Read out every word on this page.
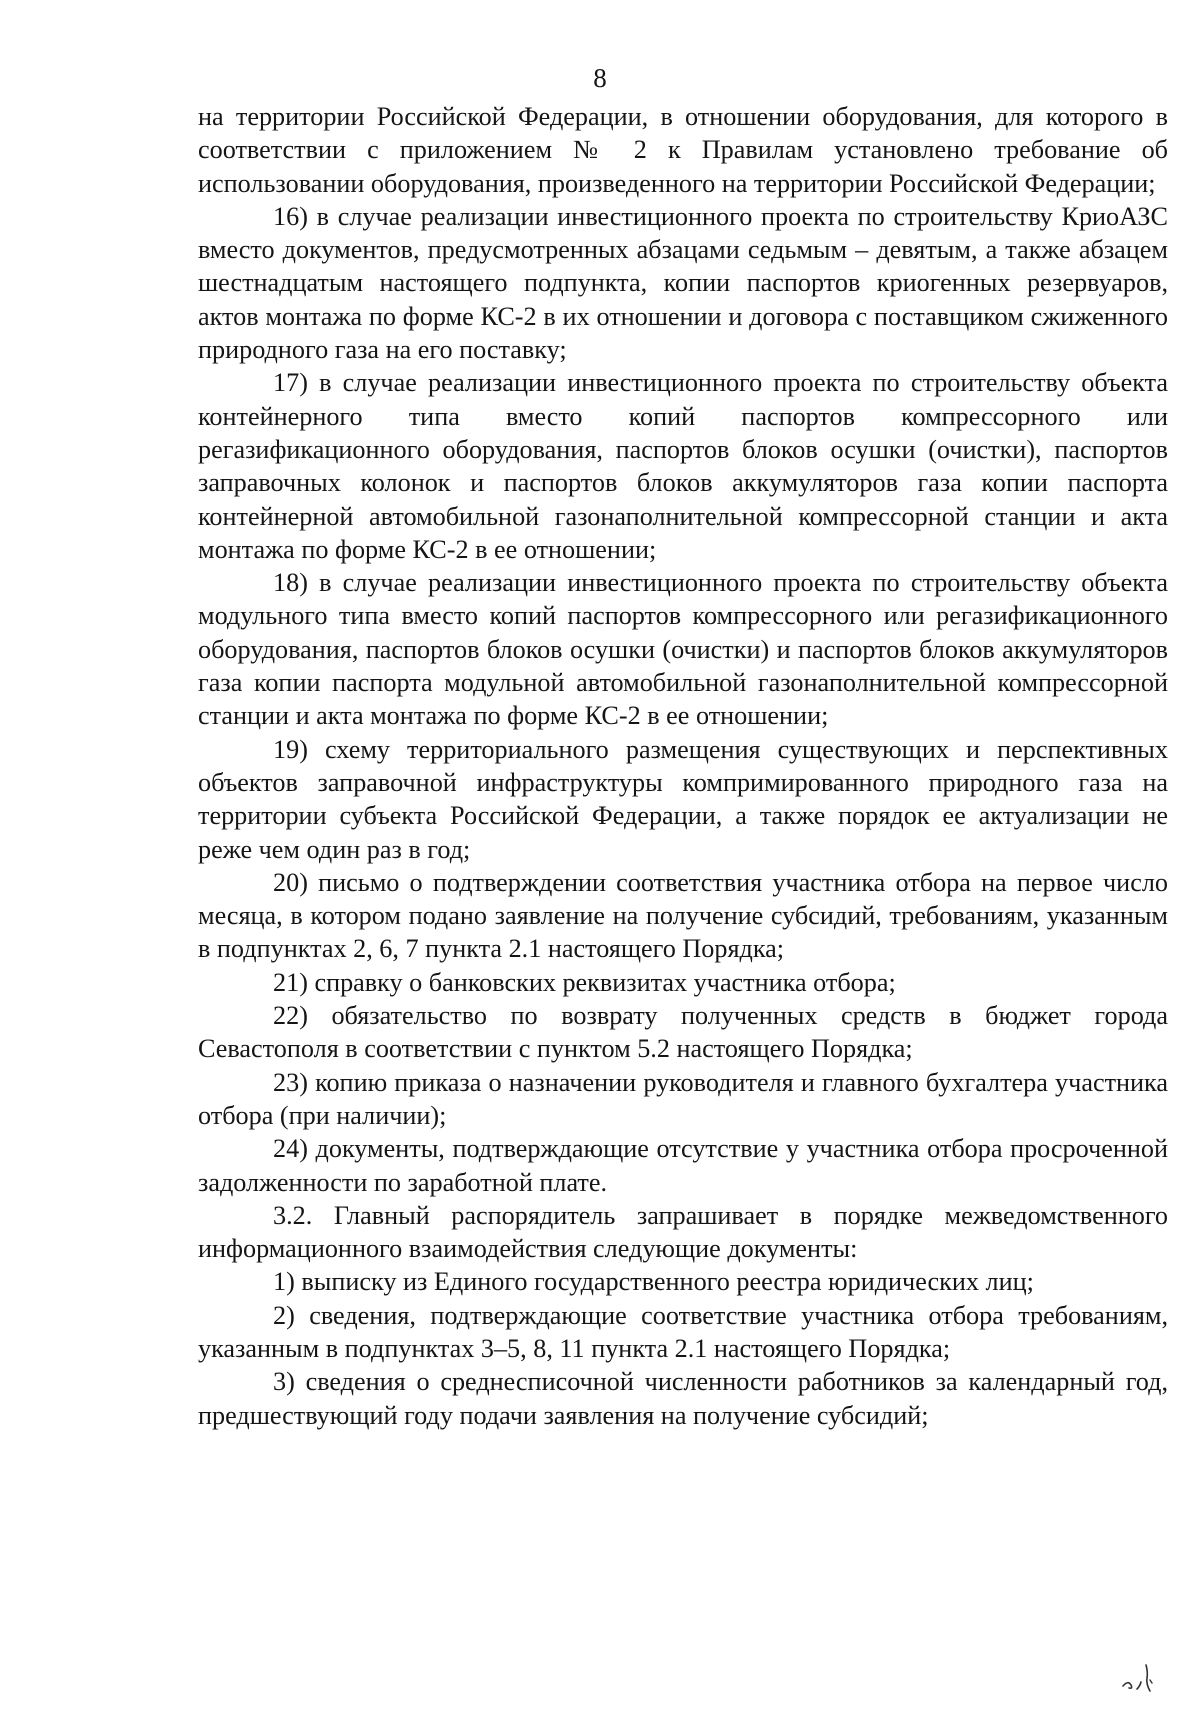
8

на территории Российской Федерации, в отношении оборудования, для которого в соответствии с приложением № 2 к Правилам установлено требование об использовании оборудования, произведенного на территории Российской Федерации;

16) в случае реализации инвестиционного проекта по строительству КриоАЗС вместо документов, предусмотренных абзацами седьмым – девятым, а также абзацем шестнадцатым настоящего подпункта, копии паспортов криогенных резервуаров, актов монтажа по форме КС-2 в их отношении и договора с поставщиком сжиженного природного газа на его поставку;

17) в случае реализации инвестиционного проекта по строительству объекта контейнерного типа вместо копий паспортов компрессорного или регазификационного оборудования, паспортов блоков осушки (очистки), паспортов заправочных колонок и паспортов блоков аккумуляторов газа копии паспорта контейнерной автомобильной газонаполнительной компрессорной станции и акта монтажа по форме КС-2 в ее отношении;

18) в случае реализации инвестиционного проекта по строительству объекта модульного типа вместо копий паспортов компрессорного или регазификационного оборудования, паспортов блоков осушки (очистки) и паспортов блоков аккумуляторов газа копии паспорта модульной автомобильной газонаполнительной компрессорной станции и акта монтажа по форме КС-2 в ее отношении;

19) схему территориального размещения существующих и перспективных объектов заправочной инфраструктуры компримированного природного газа на территории субъекта Российской Федерации, а также порядок ее актуализации не реже чем один раз в год;

20) письмо о подтверждении соответствия участника отбора на первое число месяца, в котором подано заявление на получение субсидий, требованиям, указанным в подпунктах 2, 6, 7 пункта 2.1 настоящего Порядка;

21) справку о банковских реквизитах участника отбора;

22) обязательство по возврату полученных средств в бюджет города Севастополя в соответствии с пунктом 5.2 настоящего Порядка;

23) копию приказа о назначении руководителя и главного бухгалтера участника отбора (при наличии);

24) документы, подтверждающие отсутствие у участника отбора просроченной задолженности по заработной плате.

3.2. Главный распорядитель запрашивает в порядке межведомственного информационного взаимодействия следующие документы:

1) выписку из Единого государственного реестра юридических лиц;

2) сведения, подтверждающие соответствие участника отбора требованиям, указанным в подпунктах 3–5, 8, 11 пункта 2.1 настоящего Порядка;

3) сведения о среднесписочной численности работников за календарный год, предшествующий году подачи заявления на получение субсидий;
